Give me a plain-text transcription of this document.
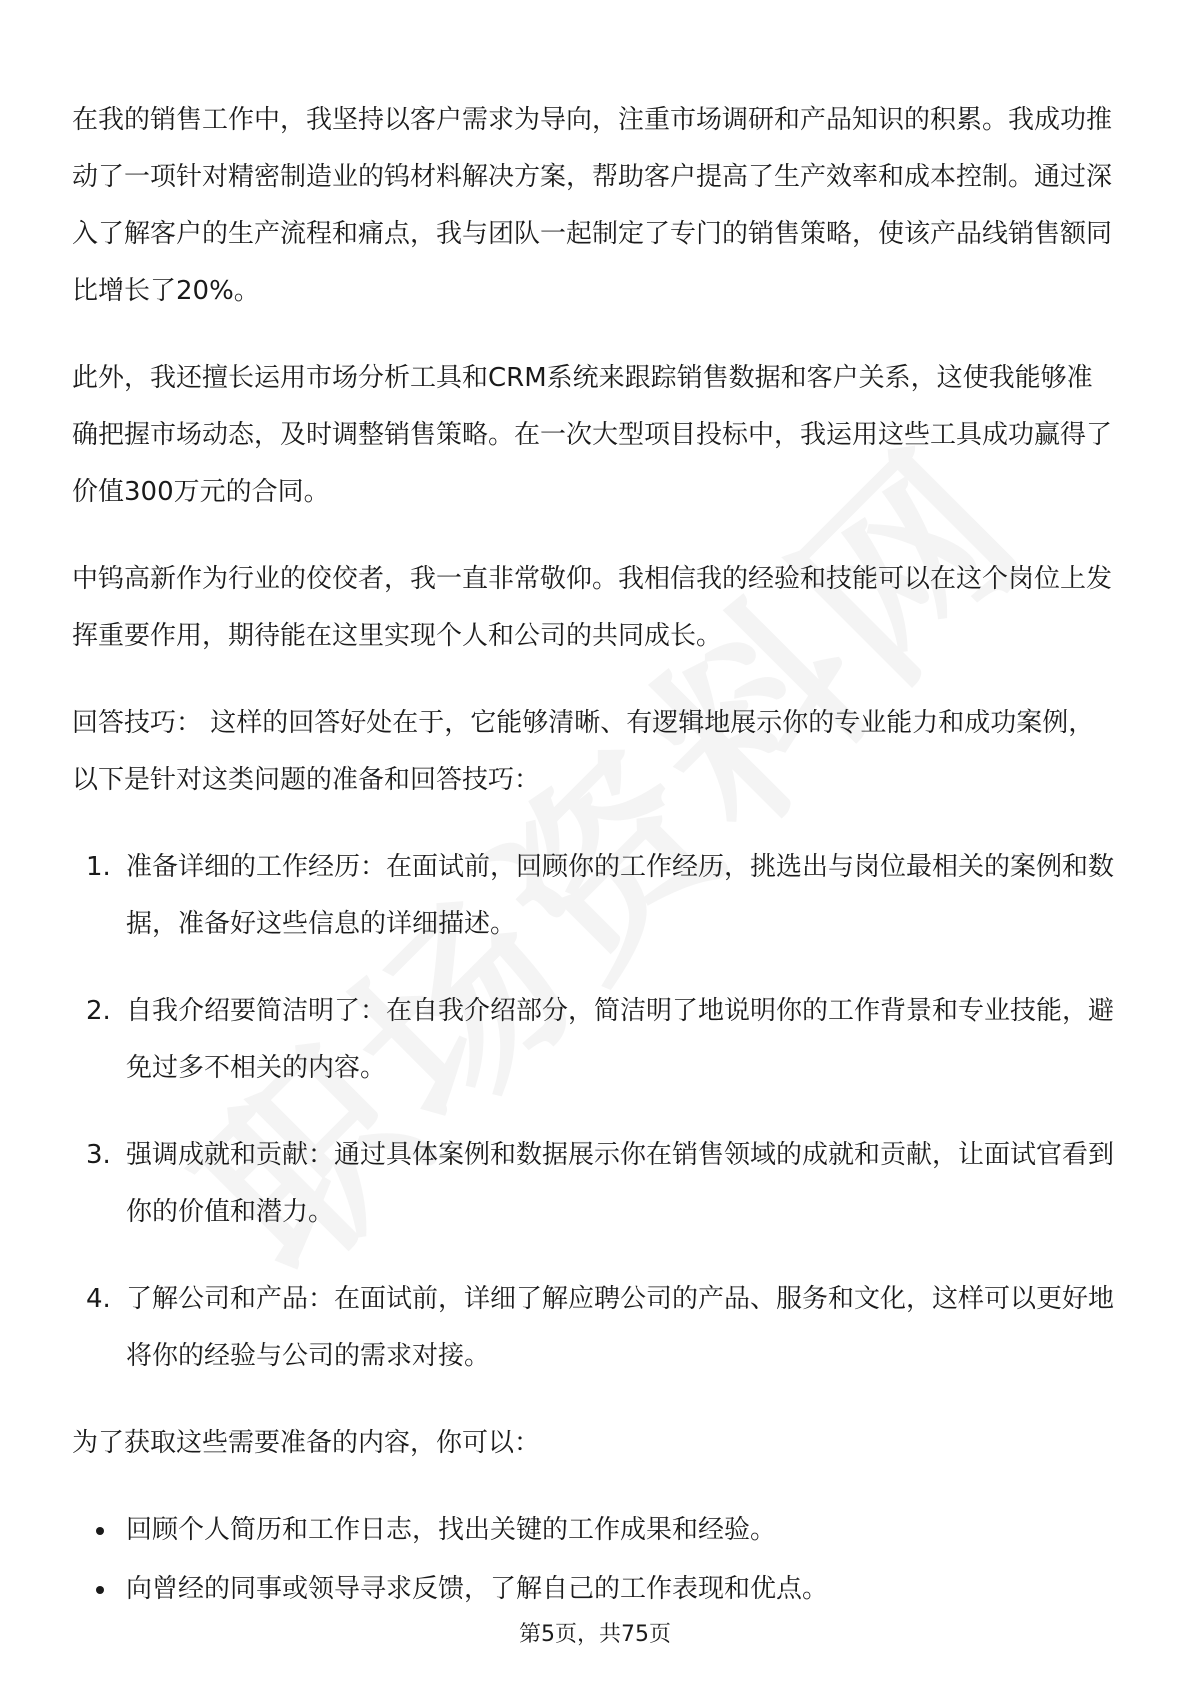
在我的销售工作中，我坚持以客户需求为导向，注重市场调研和产品知识的积累。我成功推动了一项针对精密制造业的钨材料解决方案，帮助客户提高了生产效率和成本控制。通过深入了解客户的生产流程和痛点，我与团队一起制定了专门的销售策略，使该产品线销售额同比增长了20%。

此外，我还擅长运用市场分析工具和CRM系统来跟踪销售数据和客户关系，这使我能够准确把握市场动态，及时调整销售策略。在一次大型项目投标中，我运用这些工具成功赢得了价值300万元的合同。

中钨高新作为行业的佼佼者，我一直非常敬仰。我相信我的经验和技能可以在这个岗位上发挥重要作用，期待能在这里实现个人和公司的共同成长。

回答技巧： 这样的回答好处在于，它能够清晰、有逻辑地展示你的专业能力和成功案例，以下是针对这类问题的准备和回答技巧：

1. 准备详细的工作经历：在面试前，回顾你的工作经历，挑选出与岗位最相关的案例和数据，准备好这些信息的详细描述。
2. 自我介绍要简洁明了：在自我介绍部分，简洁明了地说明你的工作背景和专业技能，避免过多不相关的内容。
3. 强调成就和贡献：通过具体案例和数据展示你在销售领域的成就和贡献，让面试官看到你的价值和潜力。
4. 了解公司和产品：在面试前，详细了解应聘公司的产品、服务和文化，这样可以更好地将你的经验与公司的需求对接。

为了获取这些需要准备的内容，你可以：

回顾个人简历和工作日志，找出关键的工作成果和经验。
向曾经的同事或领导寻求反馈，了解自己的工作表现和优点。
第5页，共75页
